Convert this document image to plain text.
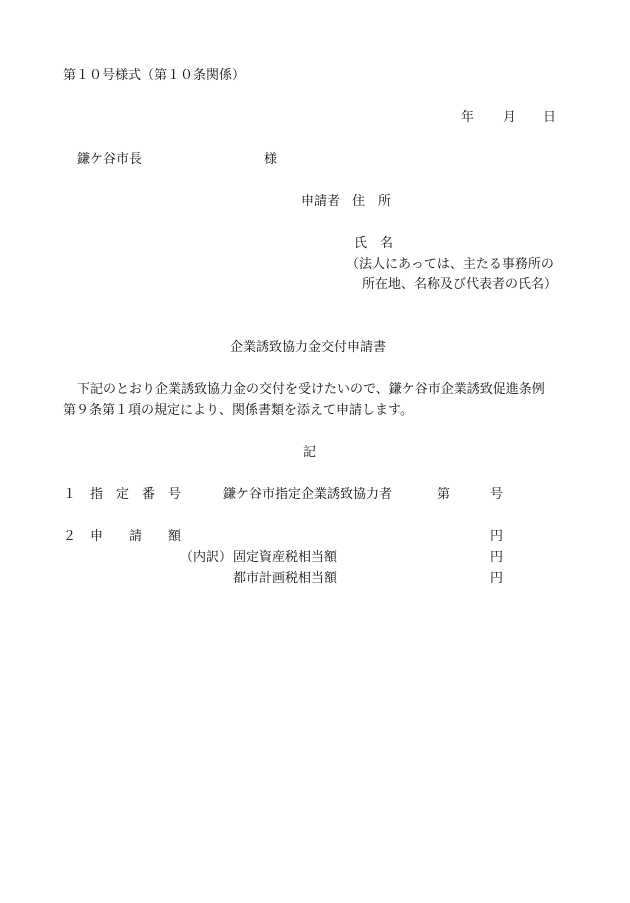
第１０号様式（第１０条関係）
年 月 日
鎌ケ谷市長	様
申請者 住　所
氏　名
（法人にあっては、主たる事務所の
所在地、名称及び代表者の氏名）
企業誘致協力金交付申請書
下記のとおり企業誘致協力金の交付を受けたいので、鎌ケ谷市企業誘致促進条例
第９条第１項の規定により、関係書類を添えて申請します。
記
１ 指　定　番　号	鎌ケ谷市指定企業誘致協力者	第	号
２ 申　　請　　額	円
（内訳） 固定資産税相当額	円
都市計画税相当額	円
